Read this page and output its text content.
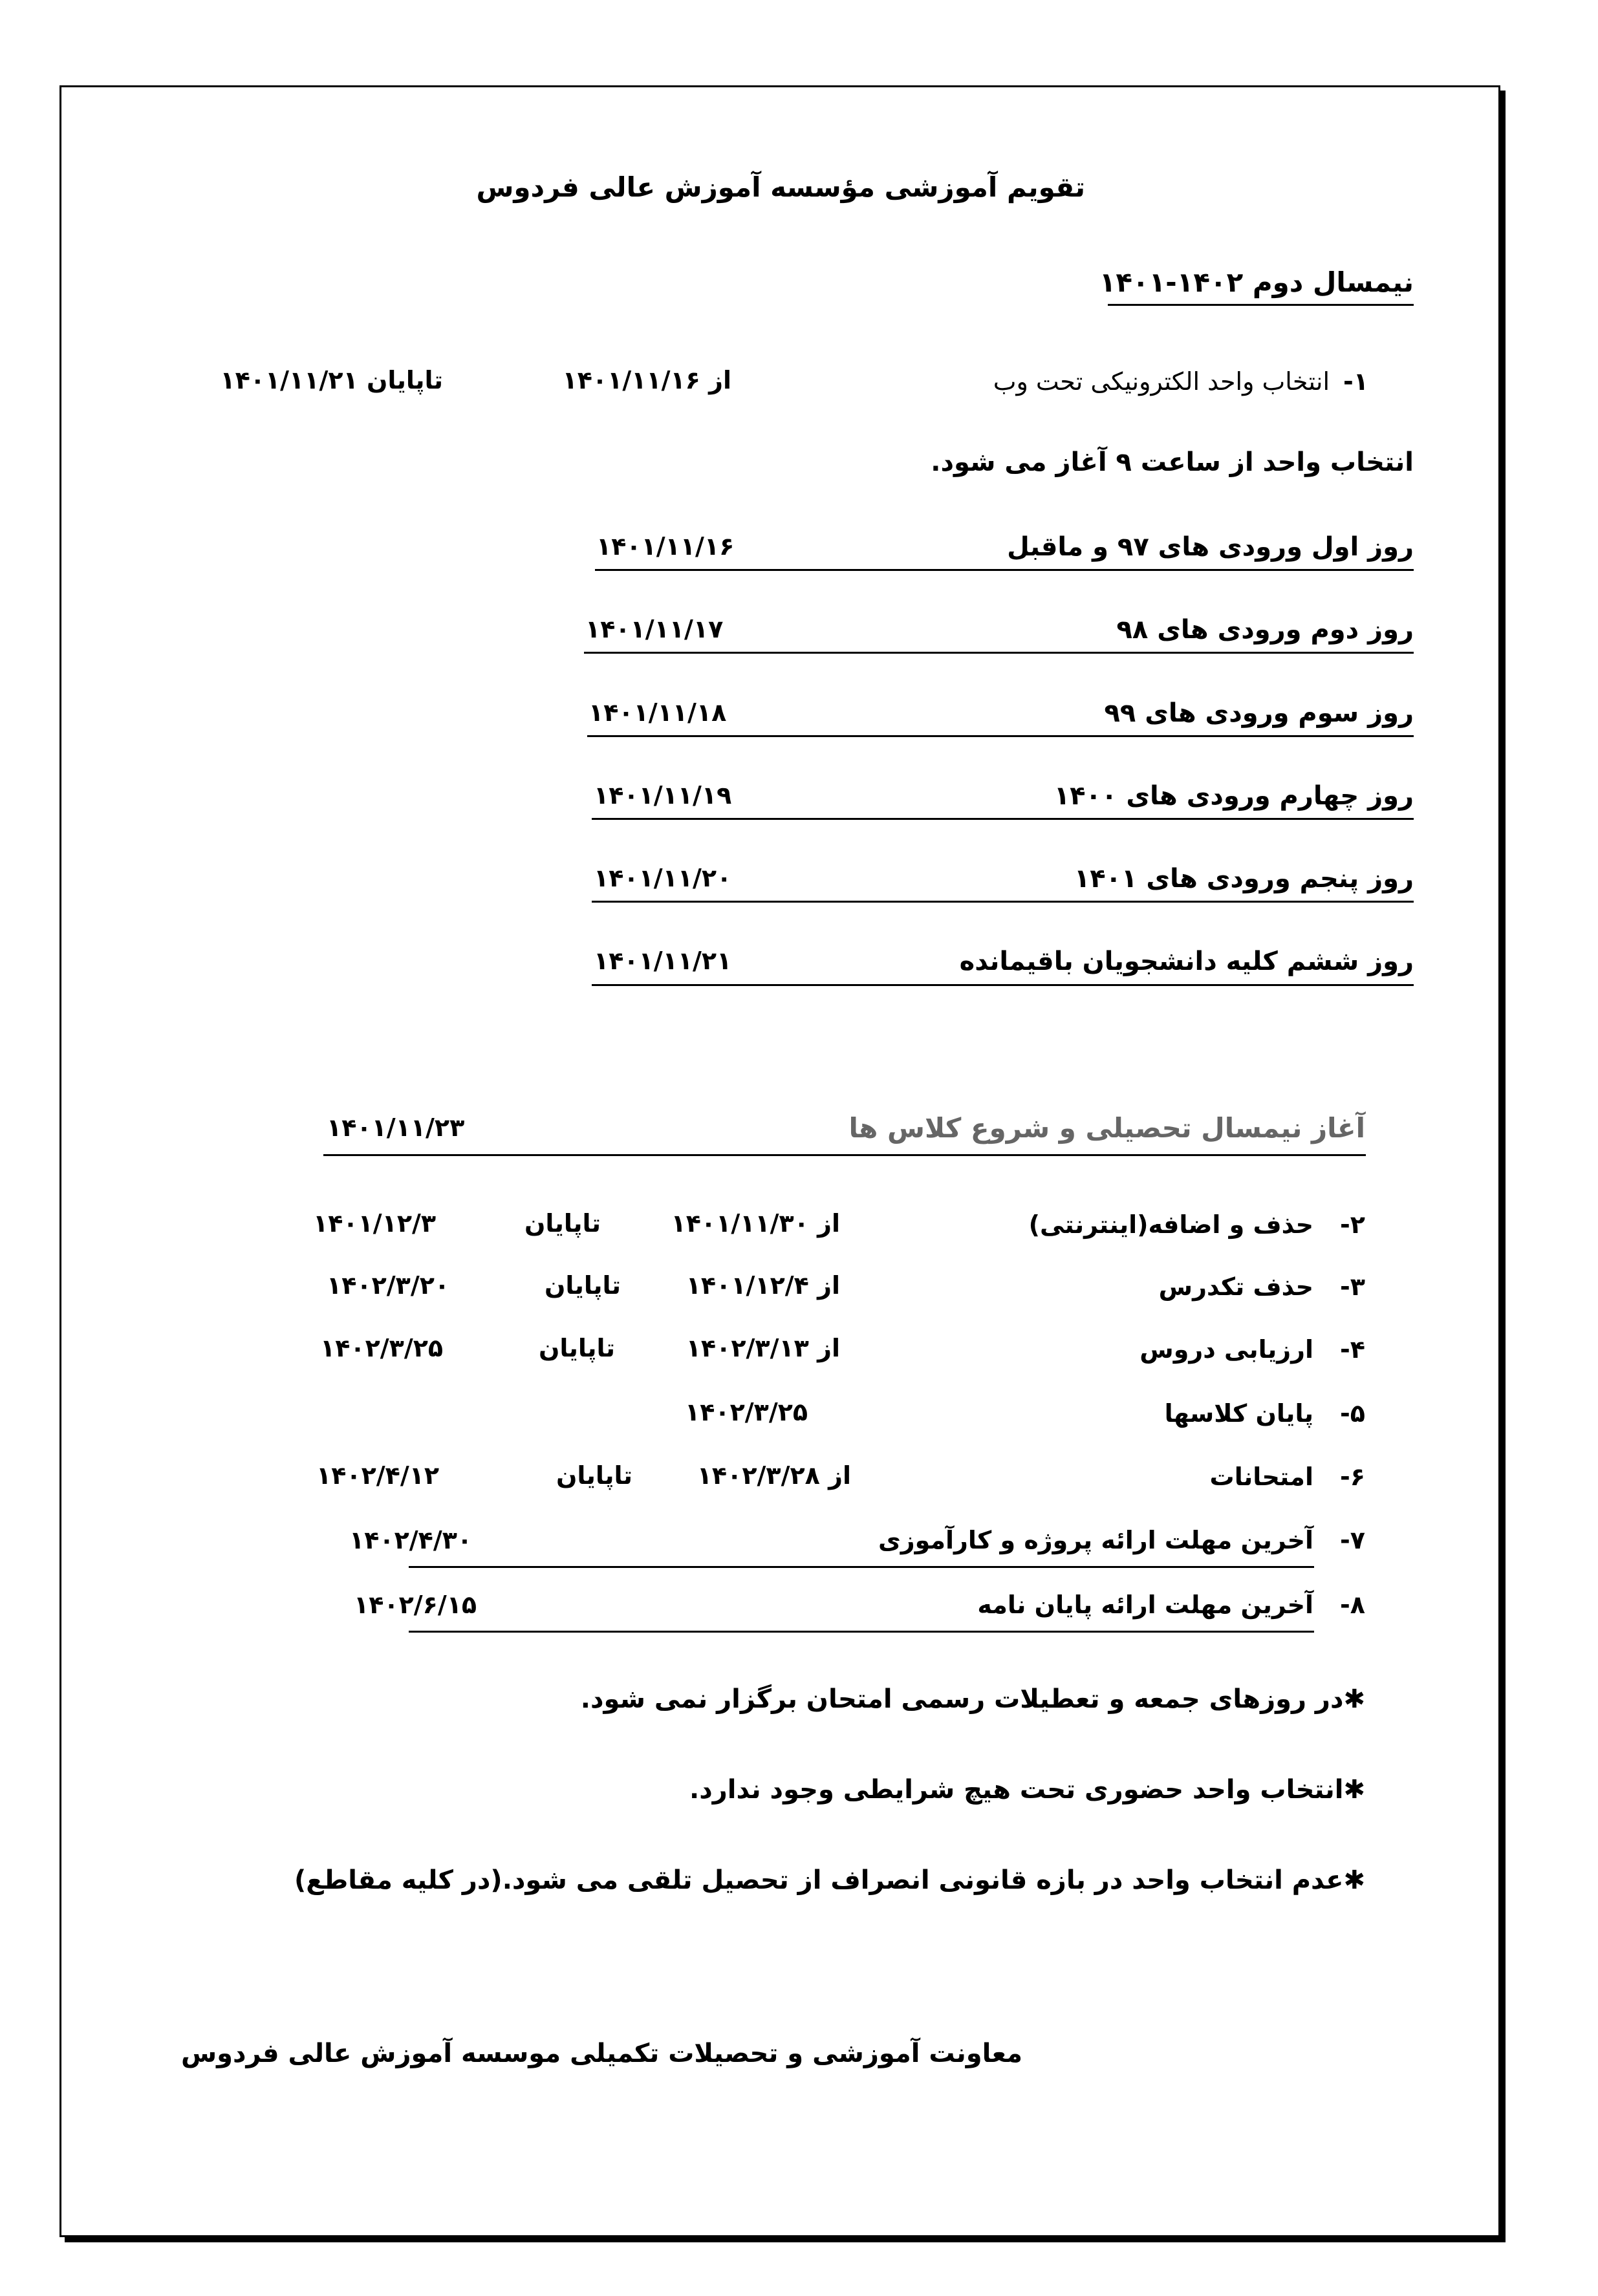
تقویم آموزشی مؤسسه آموزش عالی فردوس
نیمسال دوم ۱۴۰۲-۱۴۰۱
-۱
انتخاب واحد الکترونیکی تحت وب
از ۱۴۰۱/۱۱/۱۶
تاپایان ۱۴۰۱/۱۱/۲۱
انتخاب واحد از ساعت ۹ آغاز می شود.
روز اول ورودی های ۹۷ و ماقبل
۱۴۰۱/۱۱/۱۶
روز دوم ورودی های ۹۸
۱۴۰۱/۱۱/۱۷
روز سوم ورودی های ۹۹
۱۴۰۱/۱۱/۱۸
روز چهارم ورودی های ۱۴۰۰
۱۴۰۱/۱۱/۱۹
روز پنجم ورودی های ۱۴۰۱
۱۴۰۱/۱۱/۲۰
روز ششم کلیه دانشجویان باقیمانده
۱۴۰۱/۱۱/۲۱
آغاز نیمسال تحصیلی و شروع کلاس ها
۱۴۰۱/۱۱/۲۳
-۲
حذف و اضافه(اینترنتی)
از ۱۴۰۱/۱۱/۳۰
تاپایان
۱۴۰۱/۱۲/۳
-۳
حذف تکدرس
از ۱۴۰۱/۱۲/۴
تاپایان
۱۴۰۲/۳/۲۰
-۴
ارزیابی دروس
از ۱۴۰۲/۳/۱۳
تاپایان
۱۴۰۲/۳/۲۵
-۵
پایان کلاسها
۱۴۰۲/۳/۲۵
-۶
امتحانات
از ۱۴۰۲/۳/۲۸
تاپایان
۱۴۰۲/۴/۱۲
-۷
آخرین مهلت ارائه پروژه و کارآموزی
۱۴۰۲/۴/۳۰
-۸
آخرین مهلت ارائه پایان نامه
۱۴۰۲/۶/۱۵
✱در روزهای جمعه و تعطیلات رسمی امتحان برگزار نمی شود.
✱انتخاب واحد حضوری تحت هیچ شرایطی وجود ندارد.
✱عدم انتخاب واحد در بازه قانونی انصراف از تحصیل تلقی می شود.(در کلیه مقاطع)
معاونت آموزشی و تحصیلات تکمیلی موسسه آموزش عالی فردوس
